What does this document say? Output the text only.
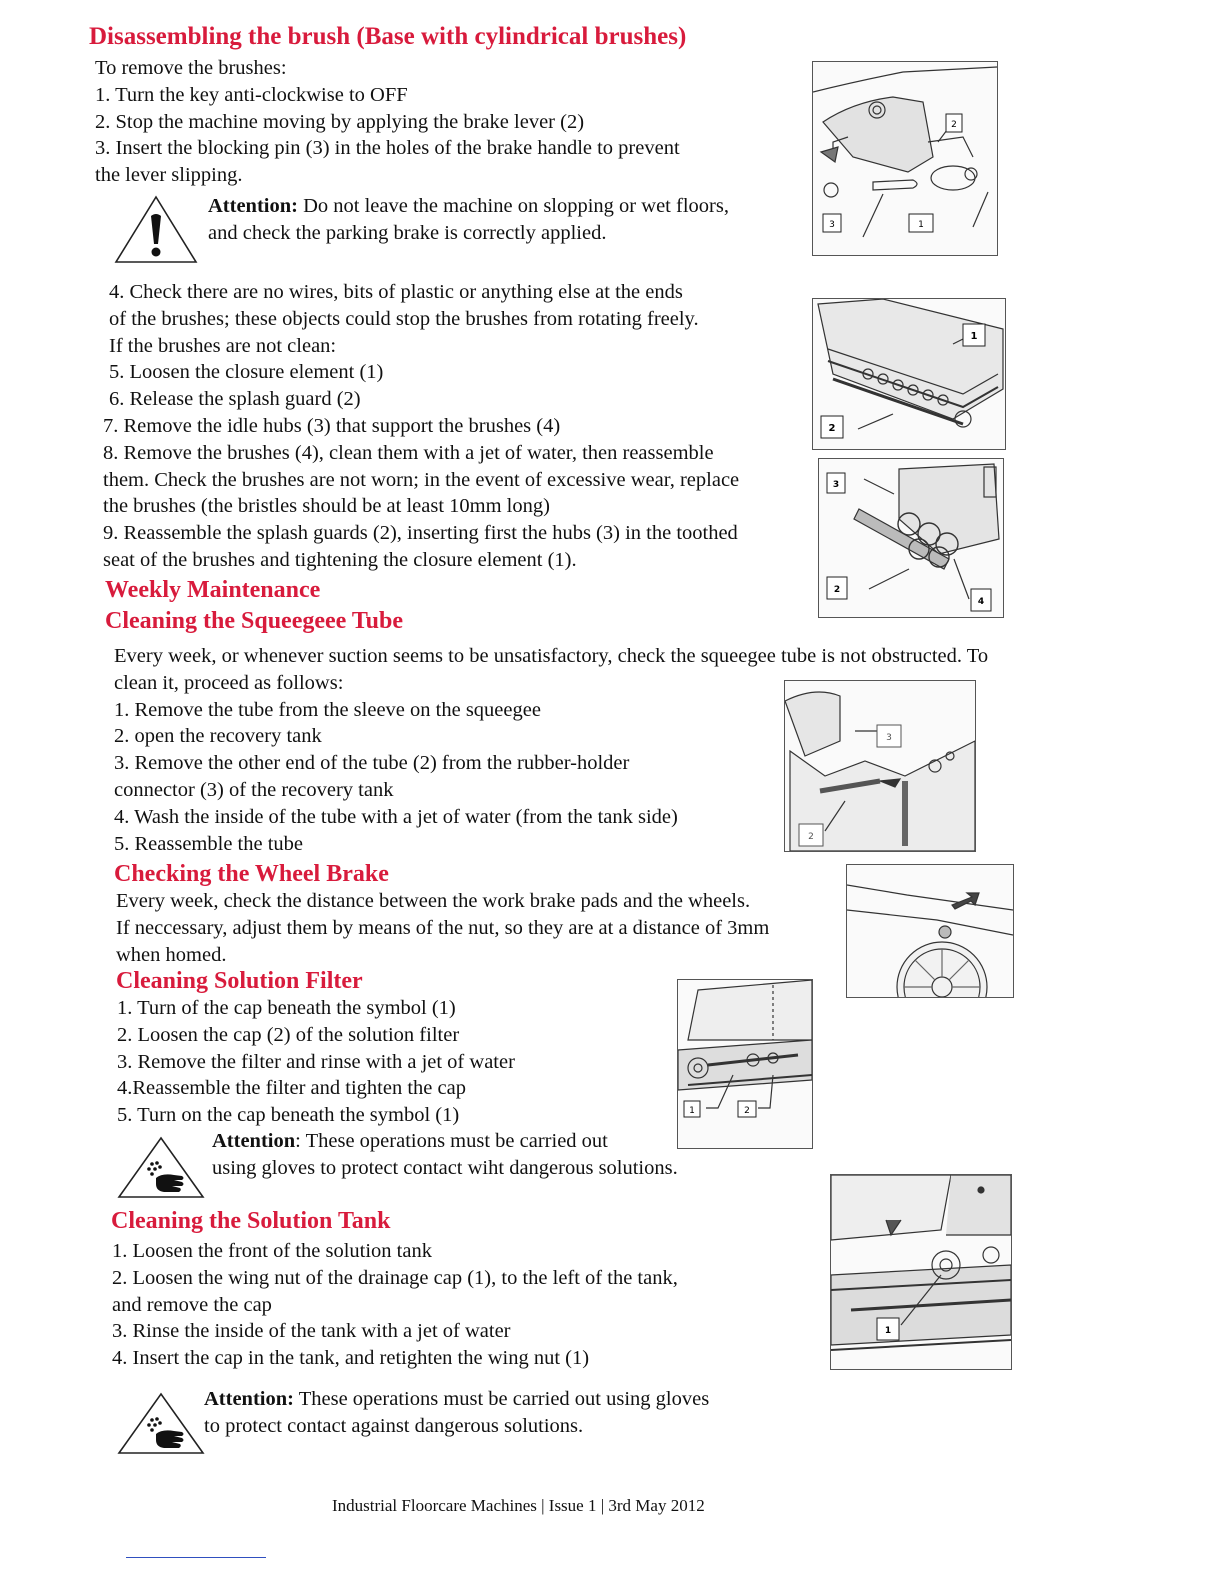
Disassembling the brush (Base with cylindrical brushes)
To remove the brushes:
1. Turn the key anti-clockwise to OFF
2. Stop the machine moving by applying the brake lever (2)
3. Insert the blocking pin (3) in the holes of the brake handle to prevent
the lever slipping.
Attention: Do not leave the machine on slopping or wet floors,
and check the parking brake is correctly applied.
4. Check there are no wires, bits of plastic or anything else at the ends
of the brushes; these objects could stop the brushes from rotating freely.
If the brushes are not clean:
5. Loosen the closure element (1)
6. Release the splash guard (2)
7. Remove the idle hubs (3) that support the brushes (4)
8. Remove the brushes (4), clean them with a jet of water, then reassemble
them. Check the brushes are not worn; in the event of excessive wear, replace
the brushes (the bristles should be at least 10mm long)
9. Reassemble the splash guards (2), inserting first the hubs (3) in the toothed
seat of the brushes and tightening the closure element (1).
Weekly Maintenance
Cleaning the Squeegeee Tube
Every week, or whenever suction seems to be unsatisfactory, check the squeegee tube is not obstructed. To
clean it, proceed as follows:
1. Remove the tube from the sleeve on the squeegee
2. open the recovery tank
3. Remove the other end of the tube (2) from the rubber-holder
connector (3) of the recovery tank
4. Wash the inside of the tube with a jet of water (from the tank side)
5. Reassemble the tube
Checking the Wheel Brake
Every week, check the distance between the work brake pads and the wheels.
If neccessary, adjust them by means of the nut, so they are at a distance of 3mm
when homed.
Cleaning Solution Filter
1. Turn of the cap beneath the symbol (1)
2. Loosen the cap (2) of the solution filter
3. Remove the filter and rinse with a jet of water
4.Reassemble the filter and tighten the cap
5. Turn on the cap beneath the symbol (1)
Attention: These operations must be carried out
using gloves to protect contact wiht dangerous solutions.
Cleaning the Solution Tank
1. Loosen the front of the solution tank
2. Loosen the wing nut of the drainage cap (1), to the left of the tank,
and remove the cap
3. Rinse the inside of the tank with a jet of water
4. Insert the cap in the tank, and retighten the wing nut (1)
Attention: These operations must be carried out using gloves
to protect contact against dangerous solutions.
2
3	1
1
2
3
2
4
3
2
1	2
1
Industrial Floorcare Machines | Issue 1 | 3rd May 2012
